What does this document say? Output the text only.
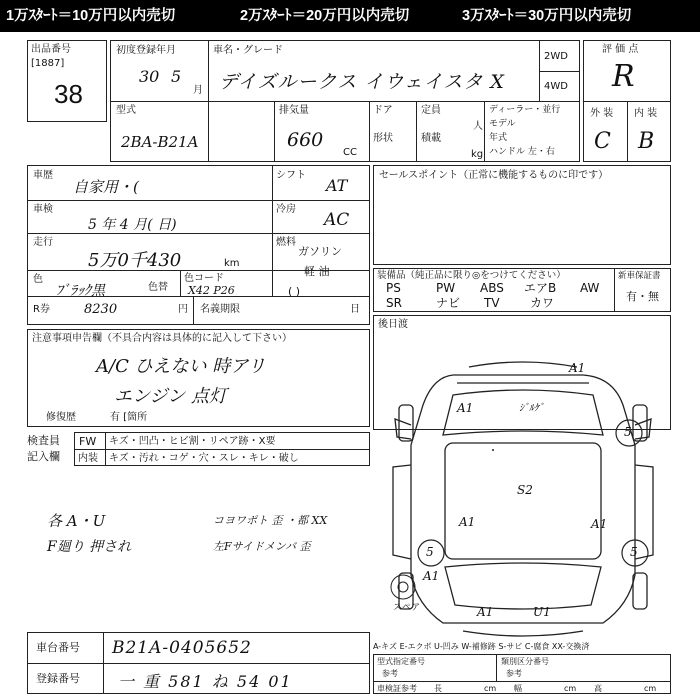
1万ｽﾀｰﾄ＝10万円以内売切	2万ｽﾀｰﾄ＝20万円以内売切	3万ｽﾀｰﾄ＝30万円以内売切
出品番号
[1887]
38
初度登録年月
30 5
月
車名・グレード
デイズルークス イウェイスタ X
2WD
4WD
型式
2BA-B21A
排気量
660
CC
ドア
形状
定員
人
積載
kg
ディーラー・並行
モデル
年式
ハンドル 左・右
評 価 点
R
外 装 内 装
C B
車歴
自家用・(
車検
5 年 4 月( 日)
走行
5万0千430	km
シフト
AT
冷房
AC
燃料
ガソリン
軽 油
( )
色
ﾌﾞﾗｯｸ黒	色替
色コード
X42 P26
R券	8230	円 名義期限	日
セールスポイント（正常に機能するものに印です）
装備品（純正品に限り◎をつけてください）
PS	PW ABS エアB AW
SR	ナビ TV	カワ
新車保証書
有・無
後日渡
注意事項申告欄（不具合内容は具体的に記入して下さい）
A/C ひえない 時アリ
エンジン 点灯
修復歴	有 [箇所
検査員
記入欄
FW キズ・凹凸・ヒビ割・リペア跡・X要
内装 キズ・汚れ・コゲ・穴・スレ・キレ・破し
各 A・U
F廻り 押され
コヨワポト 歪 ・都 XX
左Fサイドメンバ 歪
A1
A1
A1	A1
A1
A1	U1
S2
5
5	5
ｼﾞﾙｹﾞ
スペア
A-キズ E-エクボ U-凹み W-補修跡 S-サビ C-腐食 XX-交換済
車台番号 B21A-0405652
登録番号 一 重 581 ね 54 01
型式指定番号
参考
類別区分番号
参考
車検証参考 長	cm 幅	cm 高	cm
